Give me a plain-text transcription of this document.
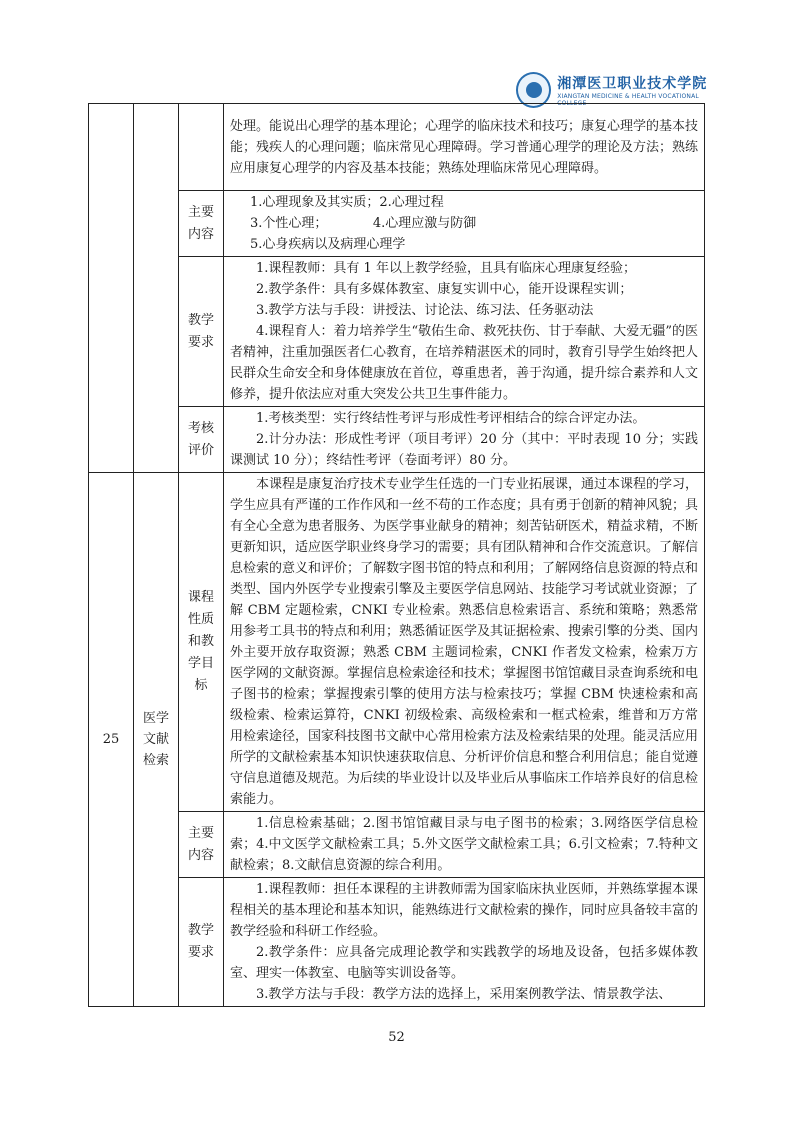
湘潭医卫职业技术学院
XIANGTAN MEDICINE & HEALTH VOCATIONAL COLLEGE
			处理。能说出心理学的基本理论；心理学的临床技术和技巧；康复心理学的基本技能；残疾人的心理问题；临床常见心理障碍。学习普通心理学的理论及方法；熟练应用康复心理学的内容及基本技能；熟练处理临床常见心理障碍。
		主要内容	1.心理现象及其实质；2.心理过程
3.个性心理；　　　　4.心理应激与防御
5.心身疾病以及病理心理学

		教学要求	1.课程教师：具有 1 年以上教学经验，且具有临床心理康复经验；
2.教学条件：具有多媒体教室、康复实训中心，能开设课程实训；
3.教学方法与手段：讲授法、讨论法、练习法、任务驱动法
4.课程育人：着力培养学生“敬佑生命、救死扶伤、甘于奉献、大爱无疆”的医者精神，注重加强医者仁心教育，在培养精湛医术的同时，教育引导学生始终把人民群众生命安全和身体健康放在首位，尊重患者，善于沟通，提升综合素养和人文修养，提升依法应对重大突发公共卫生事件能力。

		考核评价	1.考核类型：实行终结性考评与形成性考评相结合的综合评定办法。
2.计分办法：形成性考评（项目考评）20 分（其中：平时表现 10 分；实践课测试 10 分）；终结性考评（卷面考评）80 分。

25	医学文献检索	课程性质和教学目标	本课程是康复治疗技术专业学生任选的一门专业拓展课，通过本课程的学习，学生应具有严谨的工作作风和一丝不苟的工作态度；具有勇于创新的精神风貌；具有全心全意为患者服务、为医学事业献身的精神；刻苦钻研医术，精益求精，不断更新知识，适应医学职业终身学习的需要；具有团队精神和合作交流意识。了解信息检索的意义和评价；了解数字图书馆的特点和利用；了解网络信息资源的特点和类型、国内外医学专业搜索引擎及主要医学信息网站、技能学习考试就业资源；了解 CBM 定题检索，CNKI 专业检索。熟悉信息检索语言、系统和策略；熟悉常用参考工具书的特点和利用；熟悉循证医学及其证据检索、搜索引擎的分类、国内外主要开放存取资源；熟悉 CBM 主题词检索，CNKI 作者发文检索，检索万方医学网的文献资源。掌握信息检索途径和技术；掌握图书馆馆藏目录查询系统和电子图书的检索；掌握搜索引擎的使用方法与检索技巧；掌握 CBM 快速检索和高级检索、检索运算符，CNKI 初级检索、高级检索和一框式检索，维普和万方常用检索途径，国家科技图书文献中心常用检索方法及检索结果的处理。能灵活应用所学的文献检索基本知识快速获取信息、分析评价信息和整合利用信息；能自觉遵守信息道德及规范。为后续的毕业设计以及毕业后从事临床工作培养良好的信息检索能力。
		主要内容	1.信息检索基础；2.图书馆馆藏目录与电子图书的检索；3.网络医学信息检索；4.中文医学文献检索工具；5.外文医学文献检索工具；6.引文检索；7.特种文献检索；8.文献信息资源的综合利用。
		教学要求	1.课程教师：担任本课程的主讲教师需为国家临床执业医师，并熟练掌握本课程相关的基本理论和基本知识，能熟练进行文献检索的操作，同时应具备较丰富的教学经验和科研工作经验。
2.教学条件：应具备完成理论教学和实践教学的场地及设备，包括多媒体教室、理实一体教室、电脑等实训设备等。
3.教学方法与手段：教学方法的选择上，采用案例教学法、情景教学法、
52
